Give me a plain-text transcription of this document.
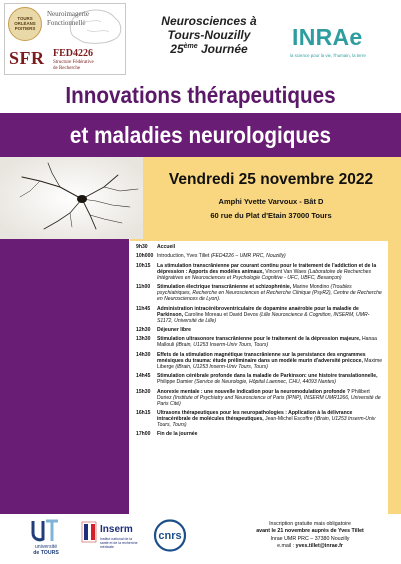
TOURS
ORLÉANS
POITIERS
Neuroimagerie
Fonctionnelle
SFR FED4226
Structure Fédérative
de Recherche
Neurosciences à
Tours-Nouzilly
25ème Journée	INRAe
la science pour la vie, l'humain, la terre
Innovations thérapeutiques
et maladies neurologiques
Vendredi 25 novembre 2022
Amphi Yvette Varvoux - Bât D
60 rue du Plat d'Etain 37000 Tours
9h30	Accueil
10h000 Introduction, Yves Tillet (FED4226 – UMR PRC, Nouzilly)
10h15	La stimulation transcrânienne par courant continu pour le traitement de l'addiction et de la dépression : Apports des modèles animaux, Vincent Van Waes (Laboratoire de Recherches Intégratives en Neurosciences et Psychologie Cognitive - UFC, UBFC, Besançon)
11h00	Stimulation électrique transcrânienne et schizophrénie, Marine Mondino (Troubles psychiatriques, Recherche en Neurosciences et Recherche Clinique (PsyR2), Centre de Recherche en Neurosciences de Lyon).
11h45	Administration intracérébroventriculaire de dopamine anaérobie pour la maladie de Parkinson, Caroline Moreau et David Devos (Lille Neuroscience & Cognition, INSERM, UMR-S1172, Université de Lille)
12h30	Déjeuner libre
13h30	Stimulation ultrasonore transcrânienne pour le traitement de la dépression majeure, Hanaa Mallouli (iBrain, U1253 Inserm-Univ Tours, Tours)
14h30	Effets de la stimulation magnétique transcrânienne sur la persistance des engrammes mnésiques du trauma: étude préliminaire dans un modèle murin d'adversité précoce, Maxime Liberge (iBrain, U1253 Inserm-Univ Tours, Tours)
14h45	Stimulation cérébrale profonde dans la maladie de Parkinson: une histoire translationnelle, Philippe Damier (Service de Neurologie, Hôpital Laennec, CHU, 44093 Nantes)
15h30	Anorexie mentale : une nouvelle indication pour la neuromodulation profonde ? Philibert Duriez (Institute of Psychiatry and Neuroscience of Paris (IPNP), INSERM UMR1266, Université de Paris Cité)
16h15	Ultrasons thérapeutiques pour les neuropathologies : Application à la délivrance intracérébrale de molécules thérapeutiques, Jean-Michel Escoffre (iBrain, U1253 Inserm-Univ Tours, Tours)
17h00	Fin de la journée
université
de TOURS
Inserm
Institut national de la santé et de la recherche médicale
cnrs
Inscription gratuite mais obligatoire
avant le 21 novembre auprès de Yves Tillet
Inrae UMR PRC – 37380 Nouzilly
e.mail : yves.tillet@inrae.fr
